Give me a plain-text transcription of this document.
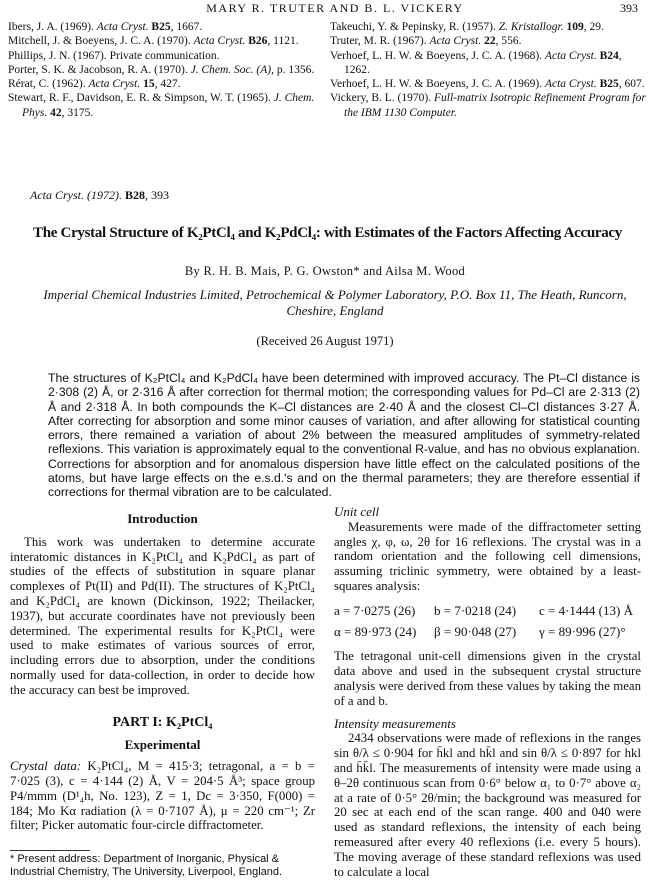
MARY R. TRUTER AND B. L. VICKERY	393
Ibers, J. A. (1969). Acta Cryst. B25, 1667.
Mitchell, J. & Boeyens, J. C. A. (1970). Acta Cryst. B26, 1121.
Phillips, J. N. (1967). Private communication.
Porter, S. K. & Jacobson, R. A. (1970). J. Chem. Soc. (A), p. 1356.
Rérat, C. (1962). Acta Cryst. 15, 427.
Stewart, R. F., Davidson, E. R. & Simpson, W. T. (1965). J. Chem. Phys. 42, 3175.
Takeuchi, Y. & Pepinsky, R. (1957). Z. Kristallogr. 109, 29.
Truter, M. R. (1967). Acta Cryst. 22, 556.
Verhoef, L. H. W. & Boeyens, J. C. A. (1968). Acta Cryst. B24, 1262.
Verhoef, L. H. W. & Boeyens, J. C. A. (1969). Acta Cryst. B25, 607.
Vickery, B. L. (1970). Full-matrix Isotropic Refinement Program for the IBM 1130 Computer.
Acta Cryst. (1972). B28, 393
The Crystal Structure of K₂PtCl₄ and K₂PdCl₄: with Estimates of the Factors Affecting Accuracy
By R. H. B. Mais, P. G. Owston* and Ailsa M. Wood
Imperial Chemical Industries Limited, Petrochemical & Polymer Laboratory, P.O. Box 11, The Heath, Runcorn, Cheshire, England
(Received 26 August 1971)
The structures of K₂PtCl₄ and K₂PdCl₄ have been determined with improved accuracy. The Pt–Cl distance is 2·308 (2) Å, or 2·316 Å after correction for thermal motion; the corresponding values for Pd–Cl are 2·313 (2) Å and 2·318 Å. In both compounds the K–Cl distances are 2·40 Å and the closest Cl–Cl distances 3·27 Å. After correcting for absorption and some minor causes of variation, and after allowing for statistical counting errors, there remained a variation of about 2% between the measured amplitudes of symmetry-related reflexions. This variation is approximately equal to the conventional R-value, and has no obvious explanation. Corrections for absorption and for anomalous dispersion have little effect on the calculated positions of the atoms, but have large effects on the e.s.d.'s and on the thermal parameters; they are therefore essential if corrections for thermal vibration are to be calculated.
Introduction

This work was undertaken to determine accurate interatomic distances in K₂PtCl₄ and K₂PdCl₄ as part of studies of the effects of substitution in square planar complexes of Pt(II) and Pd(II). The structures of K₂PtCl₄ and K₂PdCl₄ are known (Dickinson, 1922; Theilacker, 1937), but accurate coordinates have not previously been determined. The experimental results for K₂PtCl₄ were used to make estimates of various sources of error, including errors due to absorption, under the conditions normally used for data-collection, in order to decide how the accuracy can best be improved.

PART I: K₂PtCl₄
Experimental

Crystal data: K₂PtCl₄, M = 415·3; tetragonal, a = b = 7·025 (3), c = 4·144 (2) Å, V = 204·5 Å³; space group P4/mmm (D¹₄h, No. 123), Z = 1, Dc = 3·350, F(000) = 184; Mo Kα radiation (λ = 0·7107 Å), μ = 220 cm⁻¹; Zr filter; Picker automatic four-circle diffractometer.

* Present address: Department of Inorganic, Physical & Industrial Chemistry, The University, Liverpool, England.
Unit cell

Measurements were made of the diffractometer setting angles χ, φ, ω, 2θ for 16 reflexions. The crystal was in a random orientation and the following cell dimensions, assuming triclinic symmetry, were obtained by a least-squares analysis:

a = 7·0275 (26)	b = 7·0218 (24)	c = 4·1444 (13) Å
α = 89·973 (24)	β = 90·048 (27)	γ = 89·996 (27)°

The tetragonal unit-cell dimensions given in the crystal data above and used in the subsequent crystal structure analysis were derived from these values by taking the mean of a and b.

Intensity measurements

2434 observations were made of reflexions in the ranges sin θ/λ ≤ 0·904 for h̄kl and hk̄l and sin θ/λ ≤ 0·897 for hkl and h̄k̄l. The measurements of intensity were made using a θ–2θ continuous scan from 0·6° below α₁ to 0·7° above α₂ at a rate of 0·5° 2θ/min; the background was measured for 20 sec at each end of the scan range. 400 and 040 were used as standard reflexions, the intensity of each being remeasured after every 40 reflexions (i.e. every 5 hours). The moving average of these standard reflexions was used to calculate a local
